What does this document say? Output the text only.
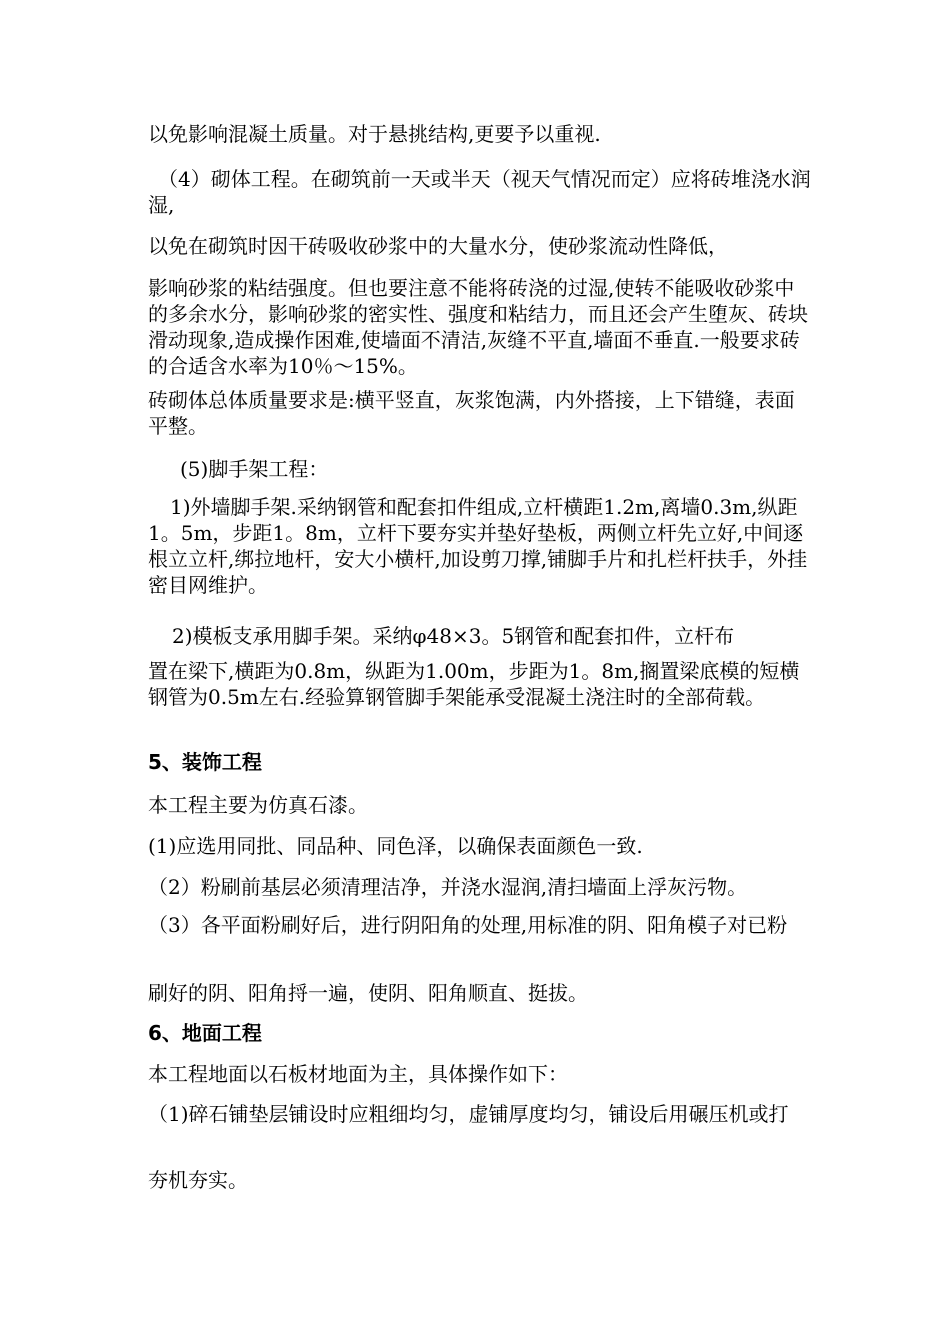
以免影响混凝土质量。对于悬挑结构,更要予以重视.

（4）砌体工程。在砌筑前一天或半天（视天气情况而定）应将砖堆浇水润湿,

以免在砌筑时因干砖吸收砂浆中的大量水分，使砂浆流动性降低，

影响砂浆的粘结强度。但也要注意不能将砖浇的过湿,使转不能吸收砂浆中的多余水分，影响砂浆的密实性、强度和粘结力，而且还会产生堕灰、砖块滑动现象,造成操作困难,使墙面不清洁,灰缝不平直,墙面不垂直.一般要求砖的合适含水率为10％～15%。

砖砌体总体质量要求是:横平竖直，灰浆饱满，内外搭接，上下错缝，表面平整。

(5)脚手架工程：

1)外墙脚手架.采纳钢管和配套扣件组成,立杆横距1.2m,离墙0.3m,纵距1。5m，步距1。8m，立杆下要夯实并垫好垫板，两侧立杆先立好,中间逐根立立杆,绑拉地杆，安大小横杆,加设剪刀撑,铺脚手片和扎栏杆扶手，外挂密目网维护。

2)模板支承用脚手架。采纳φ48×3。5钢管和配套扣件，立杆布

置在梁下,横距为0.8m，纵距为1.00m，步距为1。8m,搁置梁底模的短横钢管为0.5m左右.经验算钢管脚手架能承受混凝土浇注时的全部荷载。

5、装饰工程

本工程主要为仿真石漆。

(1)应选用同批、同品种、同色泽，以确保表面颜色一致.

（2）粉刷前基层必须清理洁净，并浇水湿润,清扫墙面上浮灰污物。

（3）各平面粉刷好后，进行阴阳角的处理,用标准的阴、阳角模子对已粉

刷好的阴、阳角捋一遍，使阴、阳角顺直、挺拔。

6、地面工程

本工程地面以石板材地面为主，具体操作如下：

（1)碎石铺垫层铺设时应粗细均匀，虚铺厚度均匀，铺设后用碾压机或打

夯机夯实。
